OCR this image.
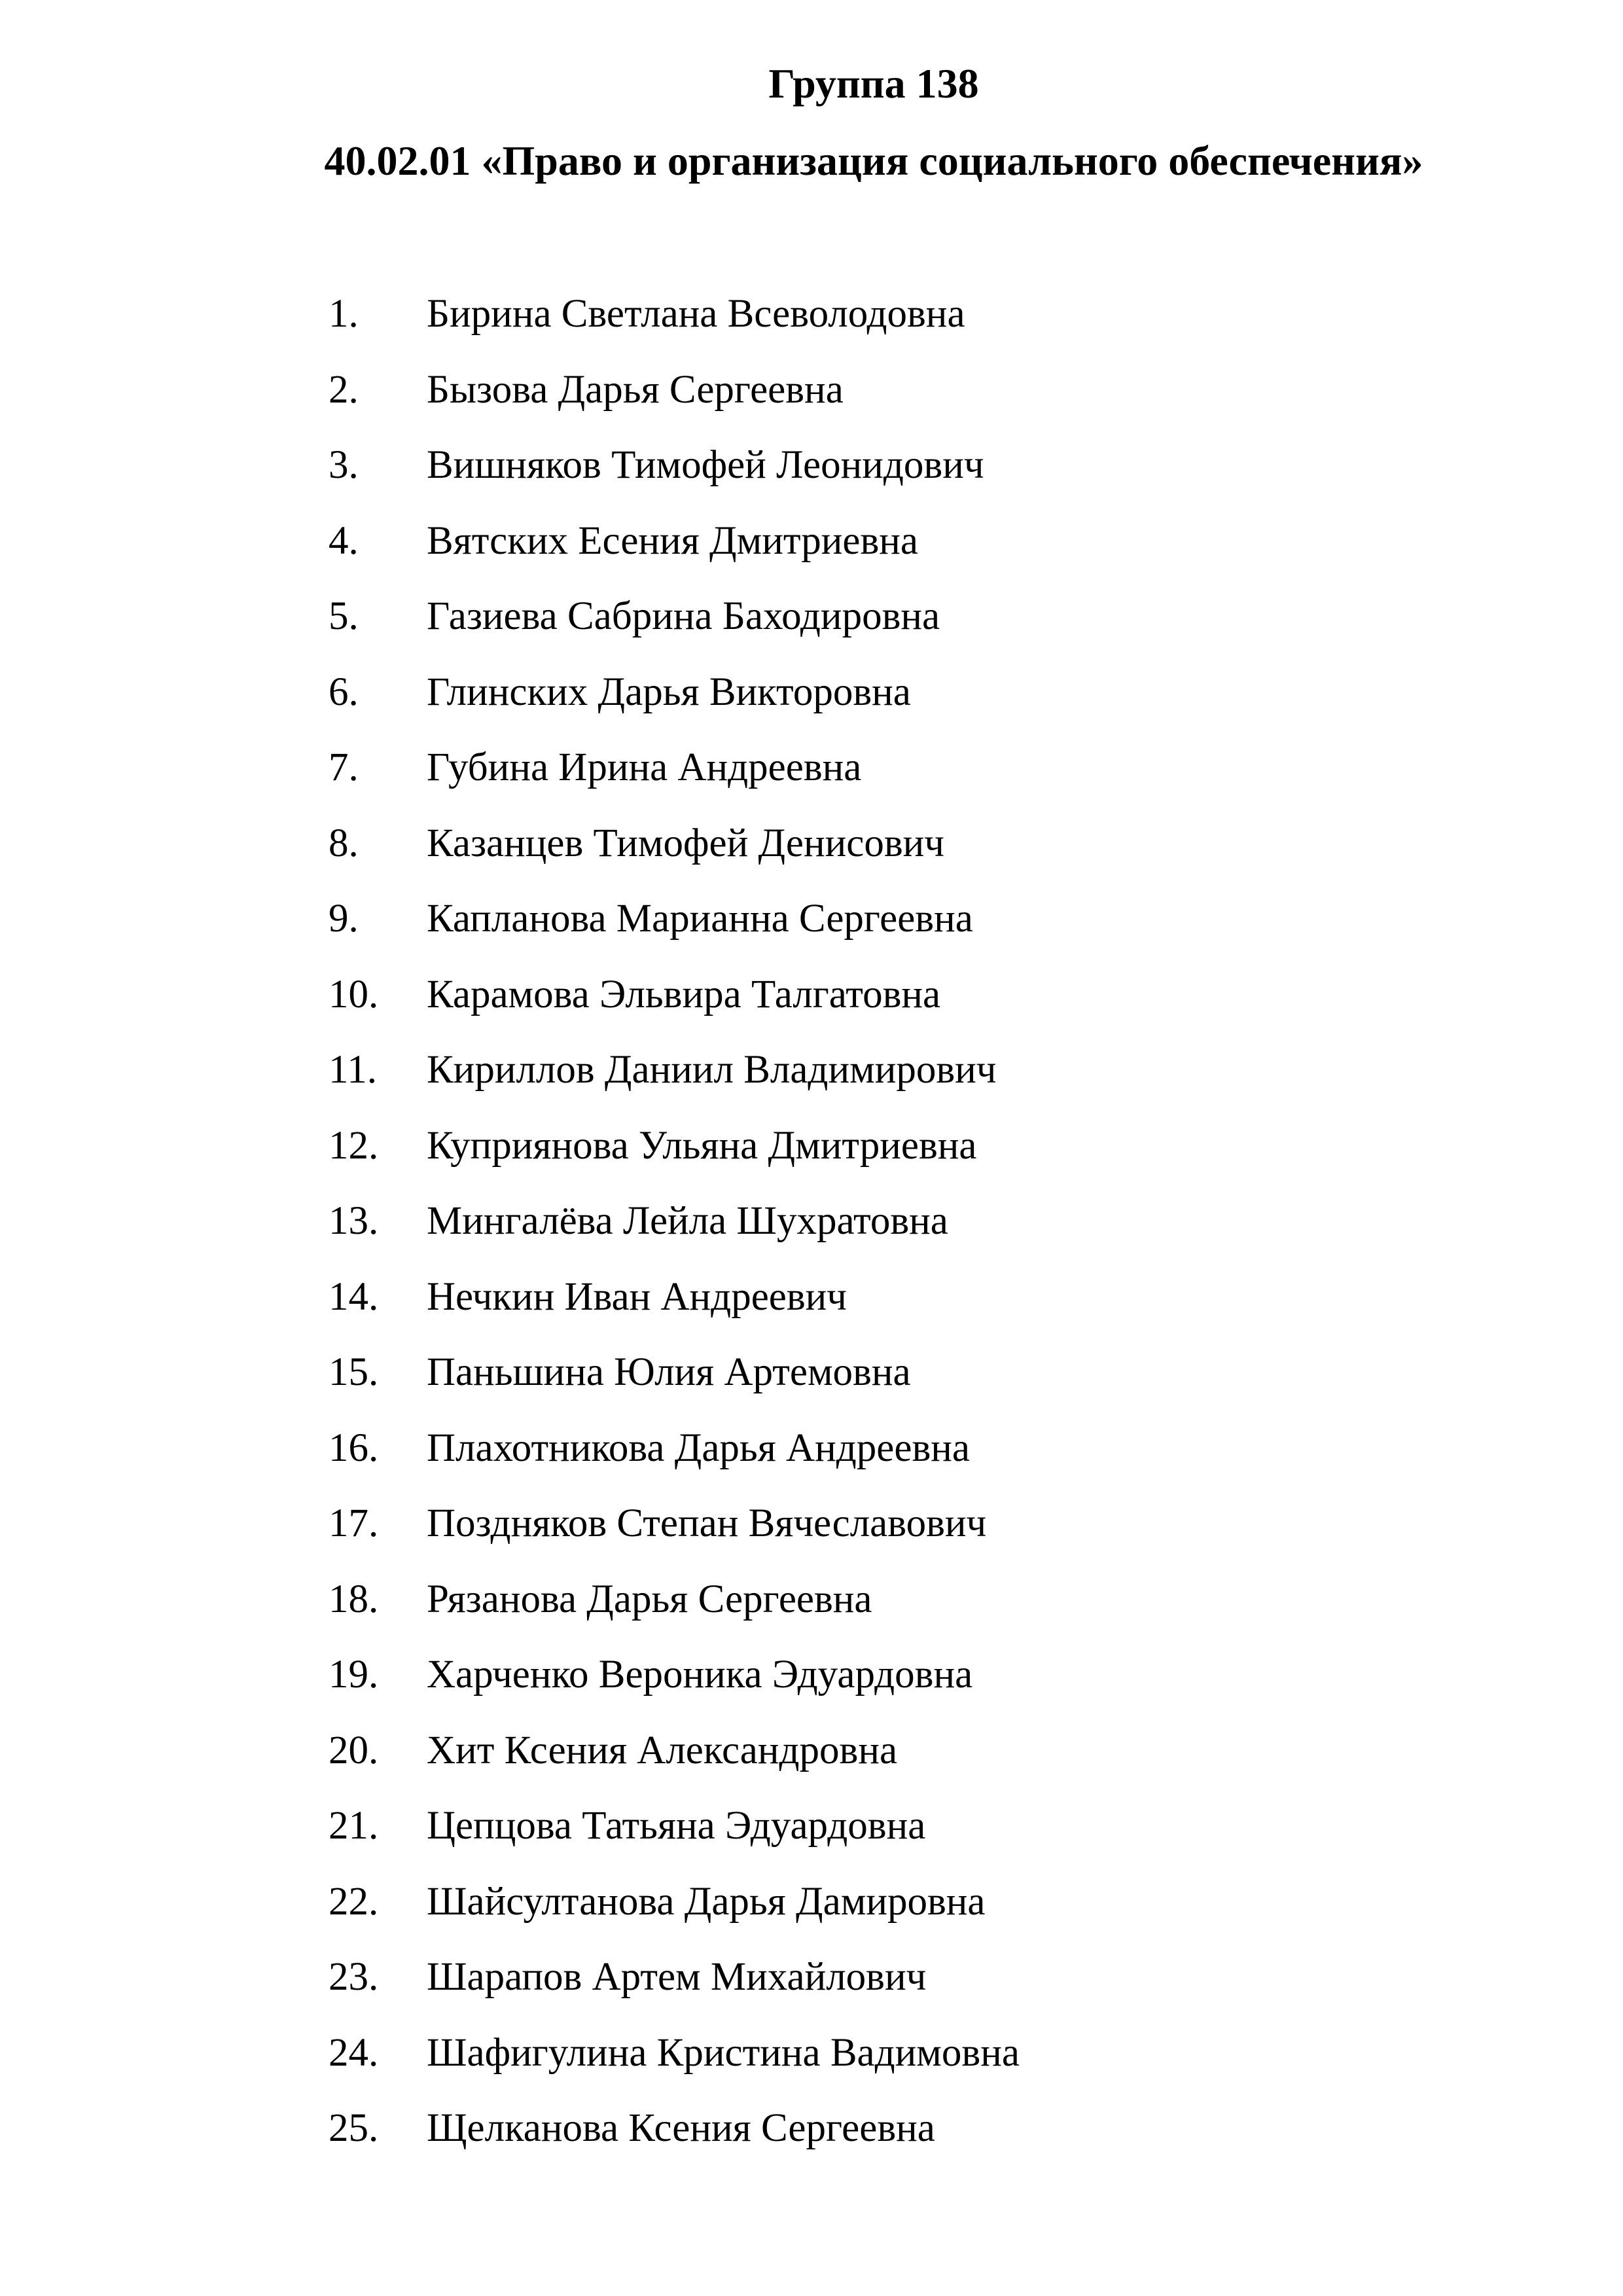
Группа 138
40.02.01 «Право и организация социального обеспечения»
1. Бирина Светлана Всеволодовна
2. Бызова Дарья Сергеевна
3. Вишняков Тимофей Леонидович
4. Вятских Есения Дмитриевна
5. Газиева Сабрина Баходировна
6. Глинских Дарья Викторовна
7. Губина Ирина Андреевна
8. Казанцев Тимофей Денисович
9. Капланова Марианна Сергеевна
10. Карамова Эльвира Талгатовна
11. Кириллов Даниил Владимирович
12. Куприянова Ульяна Дмитриевна
13. Мингалёва Лейла Шухратовна
14. Нечкин Иван Андреевич
15. Паньшина Юлия Артемовна
16. Плахотникова Дарья Андреевна
17. Поздняков Степан Вячеславович
18. Рязанова Дарья Сергеевна
19. Харченко Вероника Эдуардовна
20. Хит Ксения Александровна
21. Цепцова Татьяна Эдуардовна
22. Шайсултанова Дарья Дамировна
23. Шарапов Артем Михайлович
24. Шафигулина Кристина Вадимовна
25. Щелканова Ксения Сергеевна
